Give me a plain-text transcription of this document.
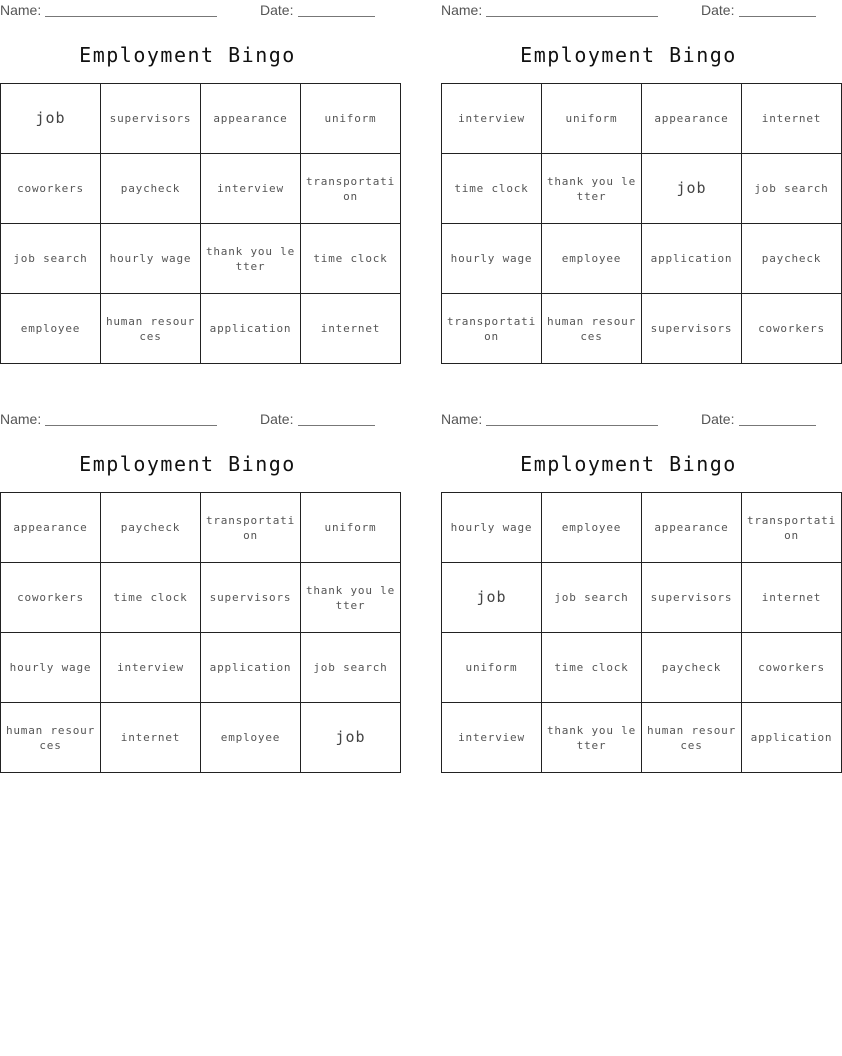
Name:	Date:
Employment Bingo
job	supervisors	appearance	uniform
coworkers	paycheck	interview	transportation
job search	hourly wage	thank you letter	time clock
employee	human resources	application	internet
Name:	Date:
Employment Bingo
interview	uniform	appearance	internet
time clock	thank you letter	job	job search
hourly wage	employee	application	paycheck
transportation	human resources	supervisors	coworkers
Name:	Date:
Employment Bingo
appearance	paycheck	transportation	uniform
coworkers	time clock	supervisors	thank you letter
hourly wage	interview	application	job search
human resources	internet	employee	job
Name:	Date:
Employment Bingo
hourly wage	employee	appearance	transportation
job	job search	supervisors	internet
uniform	time clock	paycheck	coworkers
interview	thank you letter	human resources	application
